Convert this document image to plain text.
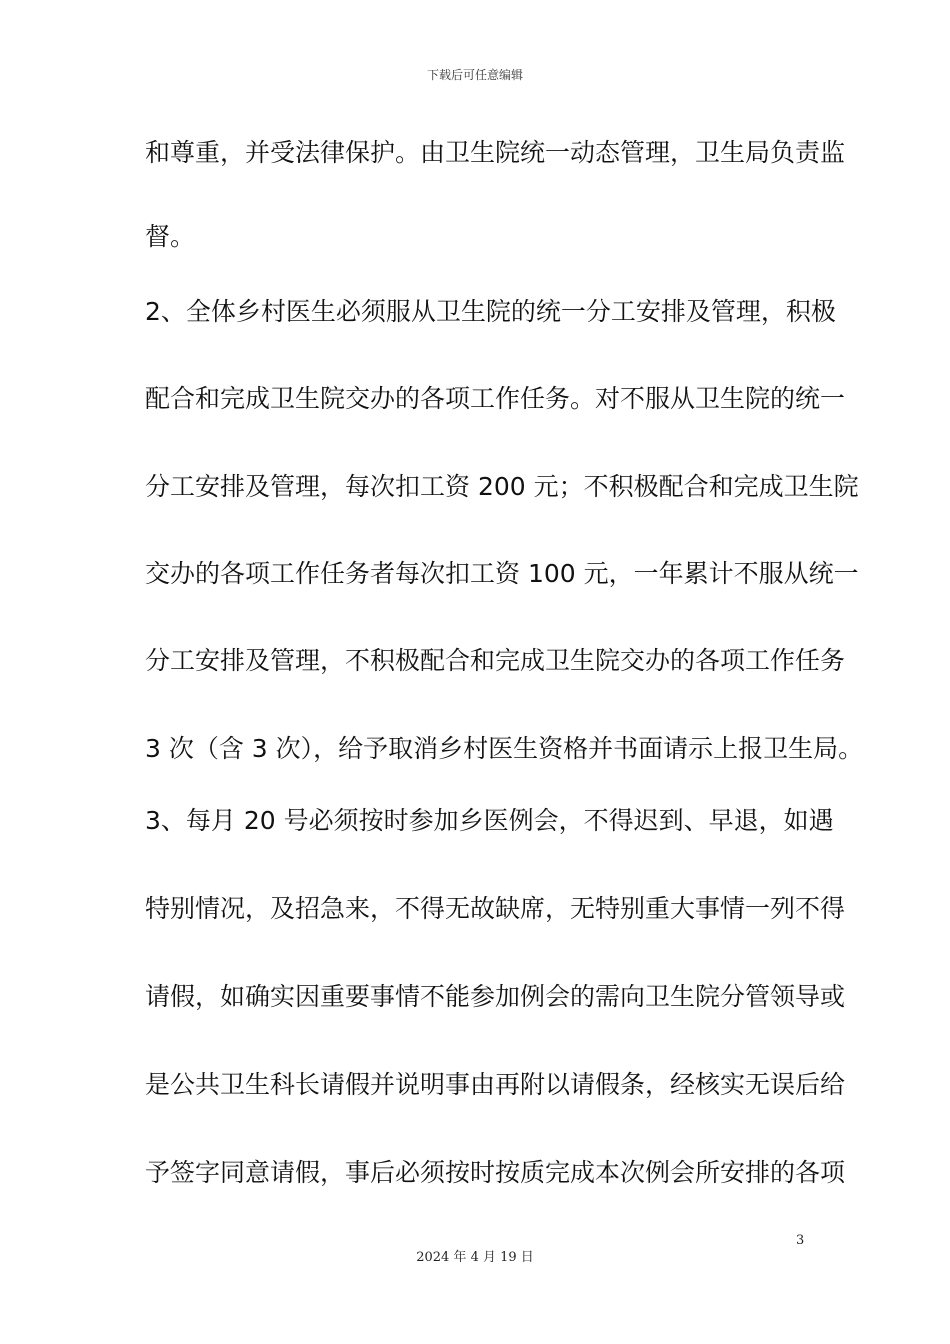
下载后可任意编辑
和尊重，并受法律保护。由卫生院统一动态管理，卫生局负责监
督。
2、全体乡村医生必须服从卫生院的统一分工安排及管理，积极
配合和完成卫生院交办的各项工作任务。对不服从卫生院的统一
分工安排及管理，每次扣工资 200 元；不积极配合和完成卫生院
交办的各项工作任务者每次扣工资 100 元，一年累计不服从统一
分工安排及管理，不积极配合和完成卫生院交办的各项工作任务
3 次（含 3 次），给予取消乡村医生资格并书面请示上报卫生局。
3、每月 20 号必须按时参加乡医例会，不得迟到、早退，如遇
特别情况，及招急来，不得无故缺席，无特别重大事情一列不得
请假，如确实因重要事情不能参加例会的需向卫生院分管领导或
是公共卫生科长请假并说明事由再附以请假条，经核实无误后给
予签字同意请假，事后必须按时按质完成本次例会所安排的各项
3
2024 年 4 月 19 日
